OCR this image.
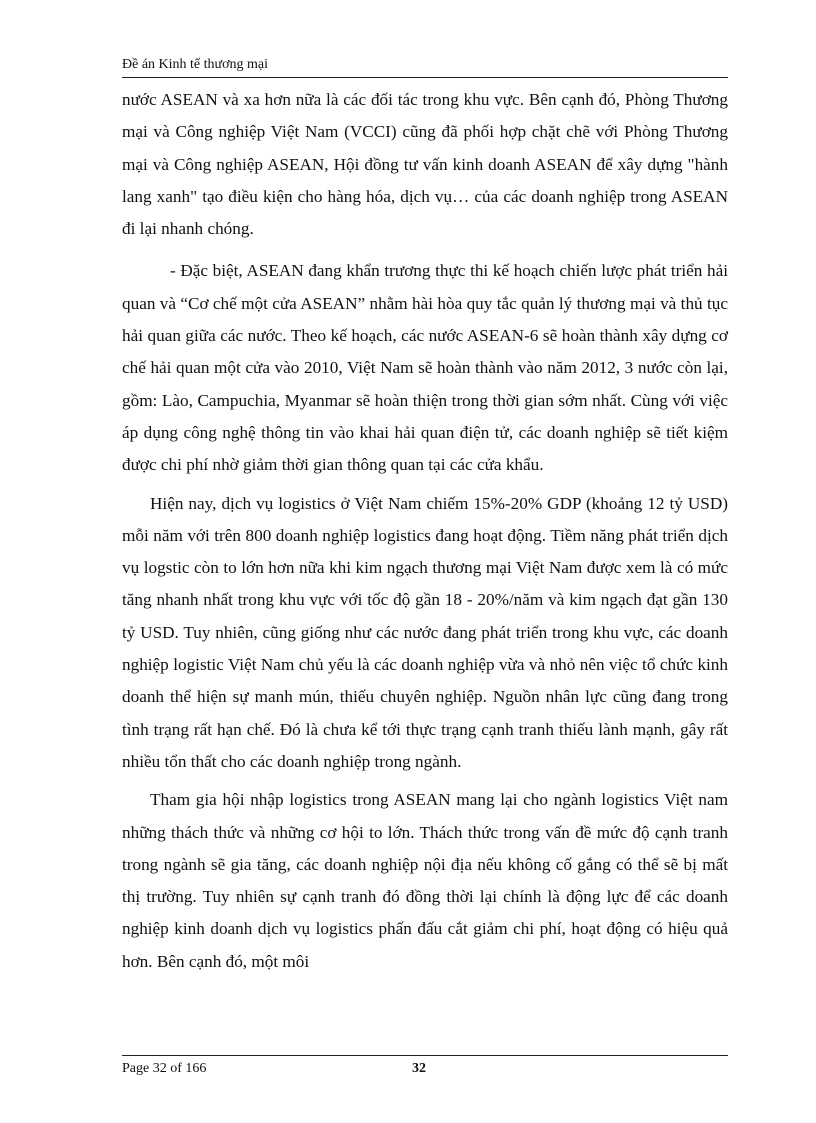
Đề án Kinh tế thương mại

nước ASEAN và xa hơn nữa là các đối tác trong khu vực. Bên cạnh đó, Phòng Thương mại và Công nghiệp Việt Nam (VCCI) cũng đã phối hợp chặt chẽ với Phòng Thương mại và Công nghiệp ASEAN, Hội đồng tư vấn kinh doanh ASEAN để xây dựng "hành lang xanh" tạo điều kiện cho hàng hóa, dịch vụ… của các doanh nghiệp trong ASEAN đi lại nhanh chóng.

- Đặc biệt, ASEAN đang khẩn trương thực thi kế hoạch chiến lược phát triển hải quan và “Cơ chế một cửa ASEAN” nhằm hài hòa quy tắc quản lý thương mại và thủ tục hải quan giữa các nước. Theo kế hoạch, các nước ASEAN-6 sẽ hoàn thành xây dựng cơ chế hải quan một cửa vào 2010, Việt Nam sẽ hoàn thành vào năm 2012, 3 nước còn lại, gồm: Lào, Campuchia, Myanmar sẽ hoàn thiện trong thời gian sớm nhất. Cùng với việc áp dụng công nghệ thông tin vào khai hải quan điện tử, các doanh nghiệp sẽ tiết kiệm được chi phí nhờ giảm thời gian thông quan tại các cửa khẩu.

Hiện nay, dịch vụ logistics ở Việt Nam chiếm 15%-20% GDP (khoảng 12 tỷ USD) mỗi năm với trên 800 doanh nghiệp logistics đang hoạt động. Tiềm năng phát triển dịch vụ logstic còn to lớn hơn nữa khi kim ngạch thương mại Việt Nam được xem là có mức tăng nhanh nhất trong khu vực với tốc độ gần 18 - 20%/năm và kim ngạch đạt gần 130 tỷ USD. Tuy nhiên, cũng giống như các nước đang phát triển trong khu vực, các doanh nghiệp logistic Việt Nam chủ yếu là các doanh nghiệp vừa và nhỏ nên việc tổ chức kinh doanh thể hiện sự manh mún, thiếu chuyên nghiệp. Nguồn nhân lực cũng đang trong tình trạng rất hạn chế. Đó là chưa kể tới thực trạng cạnh tranh thiếu lành mạnh, gây rất nhiều tổn thất cho các doanh nghiệp trong ngành.

Tham gia hội nhập logistics trong ASEAN mang lại cho ngành logistics Việt nam những thách thức và những cơ hội to lớn. Thách thức trong vấn đề mức độ cạnh tranh trong ngành sẽ gia tăng, các doanh nghiệp nội địa nếu không cố gắng có thể sẽ bị mất thị trường. Tuy nhiên sự cạnh tranh đó đồng thời lại chính là động lực để các doanh nghiệp kinh doanh dịch vụ logistics phấn đấu cắt giảm chi phí, hoạt động có hiệu quả hơn. Bên cạnh đó, một môi

Page 32 of 166	32
